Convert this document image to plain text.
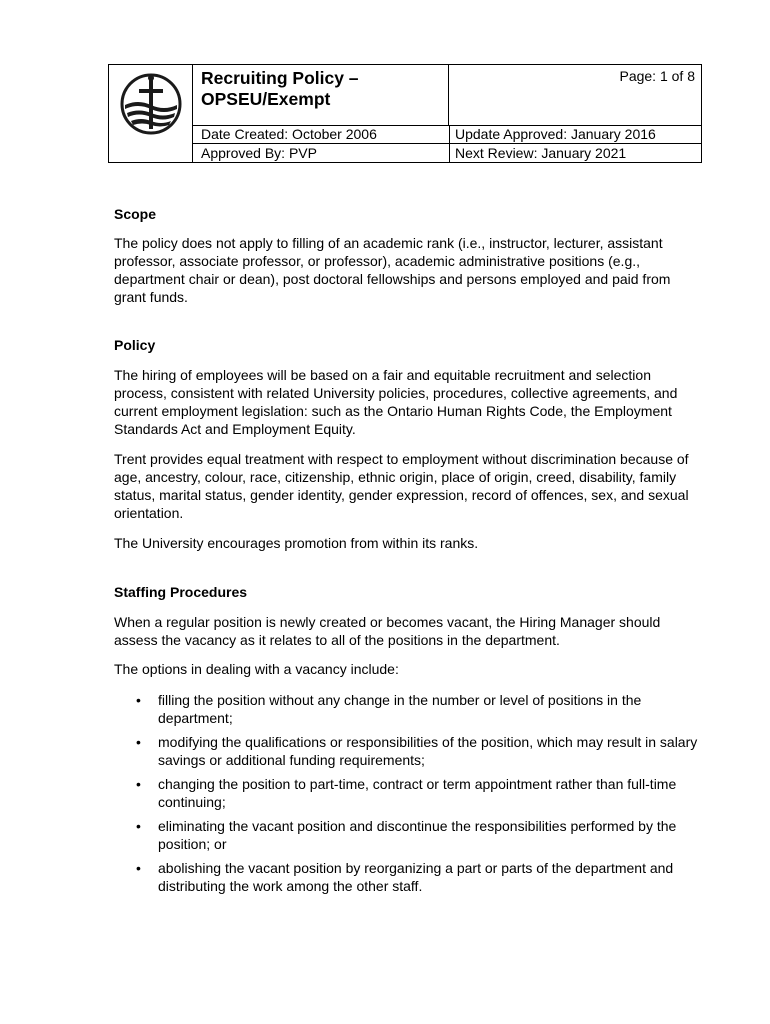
Recruiting Policy –
OPSEU/Exempt
Page: 1 of 8
Date Created: October 2006
Approved By: PVP
Update Approved: January 2016
Next Review: January 2021
Scope

The policy does not apply to filling of an academic rank (i.e., instructor, lecturer, assistant professor, associate professor, or professor), academic administrative positions (e.g., department chair or dean), post doctoral fellowships and persons employed and paid from grant funds.

Policy

The hiring of employees will be based on a fair and equitable recruitment and selection process, consistent with related University policies, procedures, collective agreements, and current employment legislation: such as the Ontario Human Rights Code, the Employment Standards Act and Employment Equity.

Trent provides equal treatment with respect to employment without discrimination because of age, ancestry, colour, race, citizenship, ethnic origin, place of origin, creed, disability, family status, marital status, gender identity, gender expression, record of offences, sex, and sexual orientation.

The University encourages promotion from within its ranks.

Staffing Procedures

When a regular position is newly created or becomes vacant, the Hiring Manager should assess the vacancy as it relates to all of the positions in the department.

The options in dealing with a vacancy include:

• filling the position without any change in the number or level of positions in the department;
• modifying the qualifications or responsibilities of the position, which may result in salary savings or additional funding requirements;
• changing the position to part-time, contract or term appointment rather than full-time continuing;
• eliminating the vacant position and discontinue the responsibilities performed by the position; or
• abolishing the vacant position by reorganizing a part or parts of the department and distributing the work among the other staff.
